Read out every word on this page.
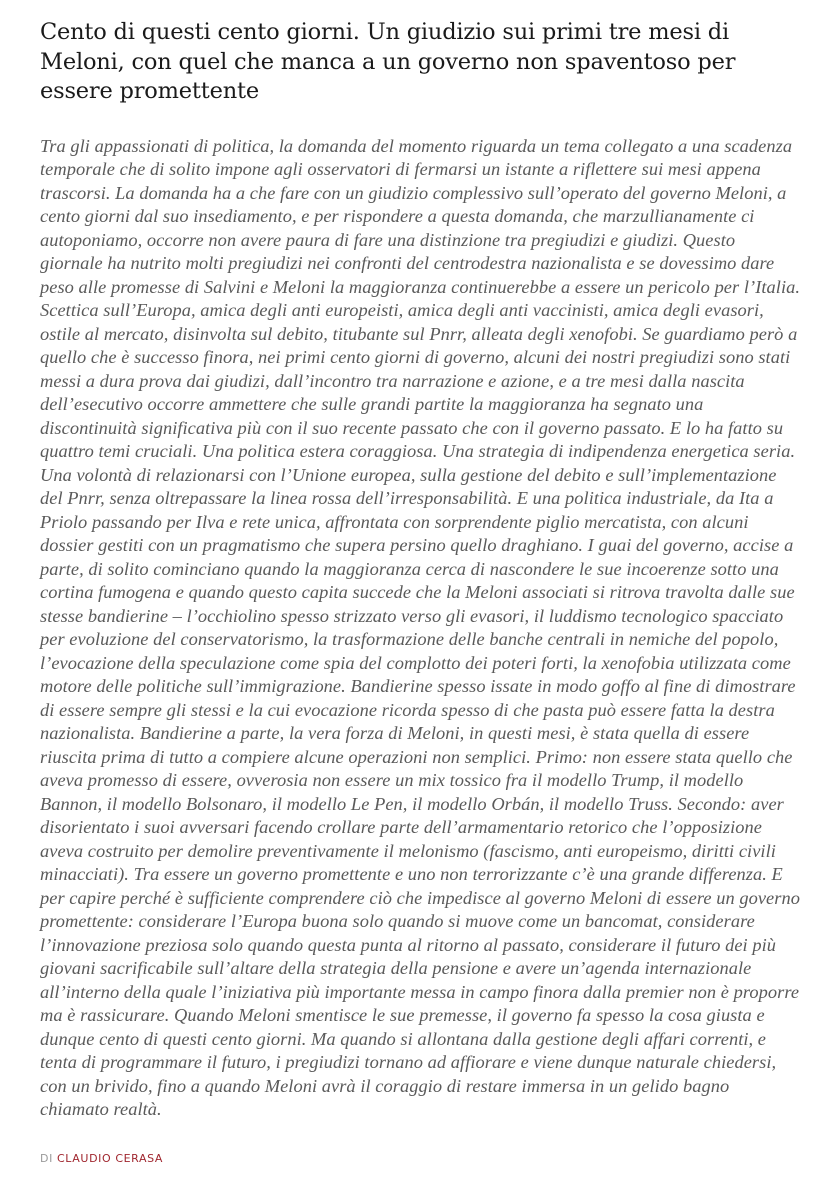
Cento di questi cento giorni. Un giudizio sui primi tre mesi di Meloni, con quel che manca a un governo non spaventoso per essere promettente

Tra gli appassionati di politica, la domanda del momento riguarda un tema collegato a una scadenza temporale che di solito impone agli osservatori di fermarsi un istante a riflettere sui mesi appena trascorsi. La domanda ha a che fare con un giudizio complessivo sull’operato del governo Meloni, a cento giorni dal suo insediamento, e per rispondere a questa domanda, che marzullianamente ci autoponiamo, occorre non avere paura di fare una distinzione tra pregiudizi e giudizi. Questo giornale ha nutrito molti pregiudizi nei confronti del centrodestra nazionalista e se dovessimo dare peso alle promesse di Salvini e Meloni la maggioranza continuerebbe a essere un pericolo per l’Italia. Scettica sull’Europa, amica degli anti europeisti, amica degli anti vaccinisti, amica degli evasori, ostile al mercato, disinvolta sul debito, titubante sul Pnrr, alleata degli xenofobi. Se guardiamo però a quello che è successo finora, nei primi cento giorni di governo, alcuni dei nostri pregiudizi sono stati messi a dura prova dai giudizi, dall’incontro tra narrazione e azione, e a tre mesi dalla nascita dell’esecutivo occorre ammettere che sulle grandi partite la maggioranza ha segnato una discontinuità significativa più con il suo recente passato che con il governo passato. E lo ha fatto su quattro temi cruciali. Una politica estera coraggiosa. Una strategia di indipendenza energetica seria. Una volontà di relazionarsi con l’Unione europea, sulla gestione del debito e sull’implementazione del Pnrr, senza oltrepassare la linea rossa dell’irresponsabilità. E una politica industriale, da Ita a Priolo passando per Ilva e rete unica, affrontata con sorprendente piglio mercatista, con alcuni dossier gestiti con un pragmatismo che supera persino quello draghiano. I guai del governo, accise a parte, di solito cominciano quando la maggioranza cerca di nascondere le sue incoerenze sotto una cortina fumogena e quando questo capita succede che la Meloni associati si ritrova travolta dalle sue stesse bandierine – l’occhiolino spesso strizzato verso gli evasori, il luddismo tecnologico spacciato per evoluzione del conservatorismo, la trasformazione delle banche centrali in nemiche del popolo, l’evocazione della speculazione come spia del complotto dei poteri forti, la xenofobia utilizzata come motore delle politiche sull’immigrazione. Bandierine spesso issate in modo goffo al fine di dimostrare di essere sempre gli stessi e la cui evocazione ricorda spesso di che pasta può essere fatta la destra nazionalista. Bandierine a parte, la vera forza di Meloni, in questi mesi, è stata quella di essere riuscita prima di tutto a compiere alcune operazioni non semplici. Primo: non essere stata quello che aveva promesso di essere, ovverosia non essere un mix tossico fra il modello Trump, il modello Bannon, il modello Bolsonaro, il modello Le Pen, il modello Orbán, il modello Truss. Secondo: aver disorientato i suoi avversari facendo crollare parte dell’armamentario retorico che l’opposizione aveva costruito per demolire preventivamente il melonismo (fascismo, anti europeismo, diritti civili minacciati). Tra essere un governo promettente e uno non terrorizzante c’è una grande differenza. E per capire perché è sufficiente comprendere ciò che impedisce al governo Meloni di essere un governo promettente: considerare l’Europa buona solo quando si muove come un bancomat, considerare l’innovazione preziosa solo quando questa punta al ritorno al passato, considerare il futuro dei più giovani sacrificabile sull’altare della strategia della pensione e avere un’agenda internazionale all’interno della quale l’iniziativa più importante messa in campo finora dalla premier non è proporre ma è rassicurare. Quando Meloni smentisce le sue premesse, il governo fa spesso la cosa giusta e dunque cento di questi cento giorni. Ma quando si allontana dalla gestione degli affari correnti, e tenta di programmare il futuro, i pregiudizi tornano ad affiorare e viene dunque naturale chiedersi, con un brivido, fino a quando Meloni avrà il coraggio di restare immersa in un gelido bagno chiamato realtà.

DI CLAUDIO CERASA
